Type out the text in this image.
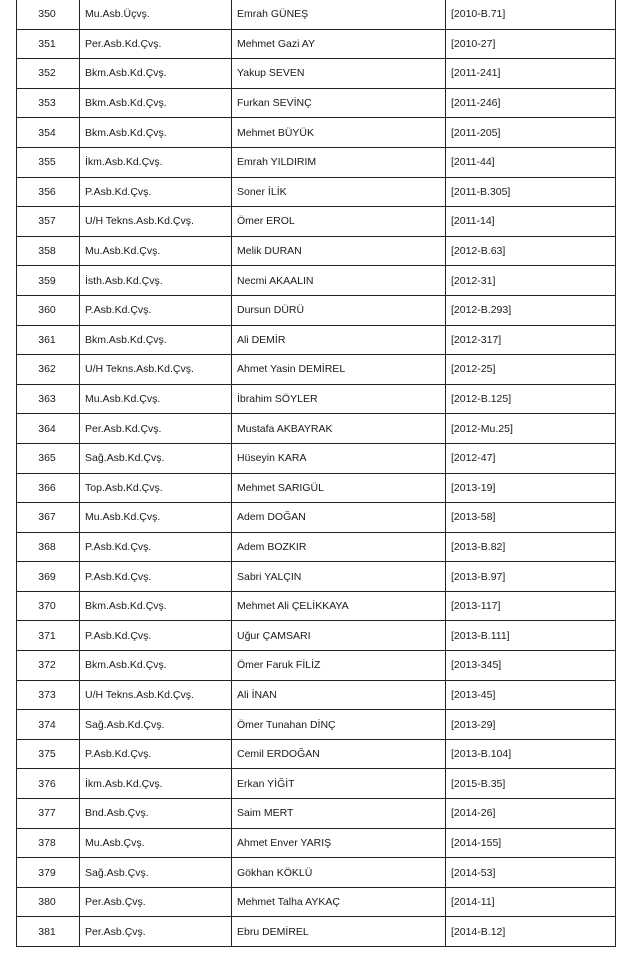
350	Mu.Asb.Üçvş.	Emrah GÜNEŞ	[2010-B.71]
351	Per.Asb.Kd.Çvş.	Mehmet Gazi AY	[2010-27]
352	Bkm.Asb.Kd.Çvş.	Yakup SEVEN	[2011-241]
353	Bkm.Asb.Kd.Çvş.	Furkan SEVİNÇ	[2011-246]
354	Bkm.Asb.Kd.Çvş.	Mehmet BÜYÜK	[2011-205]
355	İkm.Asb.Kd.Çvş.	Emrah YILDIRIM	[2011-44]
356	P.Asb.Kd.Çvş.	Soner İLİK	[2011-B.305]
357	U/H Tekns.Asb.Kd.Çvş.	Ömer EROL	[2011-14]
358	Mu.Asb.Kd.Çvş.	Melik DURAN	[2012-B.63]
359	İsth.Asb.Kd.Çvş.	Necmi AKAALIN	[2012-31]
360	P.Asb.Kd.Çvş.	Dursun DÜRÜ	[2012-B.293]
361	Bkm.Asb.Kd.Çvş.	Ali DEMİR	[2012-317]
362	U/H Tekns.Asb.Kd.Çvş.	Ahmet Yasin DEMİREL	[2012-25]
363	Mu.Asb.Kd.Çvş.	İbrahim SÖYLER	[2012-B.125]
364	Per.Asb.Kd.Çvş.	Mustafa AKBAYRAK	[2012-Mu.25]
365	Sağ.Asb.Kd.Çvş.	Hüseyin KARA	[2012-47]
366	Top.Asb.Kd.Çvş.	Mehmet SARIGÜL	[2013-19]
367	Mu.Asb.Kd.Çvş.	Adem DOĞAN	[2013-58]
368	P.Asb.Kd.Çvş.	Adem BOZKIR	[2013-B.82]
369	P.Asb.Kd.Çvş.	Sabri YALÇIN	[2013-B.97]
370	Bkm.Asb.Kd.Çvş.	Mehmet Ali ÇELİKKAYA	[2013-117]
371	P.Asb.Kd.Çvş.	Uğur ÇAMSARI	[2013-B.111]
372	Bkm.Asb.Kd.Çvş.	Ömer Faruk FİLİZ	[2013-345]
373	U/H Tekns.Asb.Kd.Çvş.	Ali İNAN	[2013-45]
374	Sağ.Asb.Kd.Çvş.	Ömer Tunahan DİNÇ	[2013-29]
375	P.Asb.Kd.Çvş.	Cemil ERDOĞAN	[2013-B.104]
376	İkm.Asb.Kd.Çvş.	Erkan YİĞİT	[2015-B.35]
377	Bnd.Asb.Çvş.	Saim MERT	[2014-26]
378	Mu.Asb.Çvş.	Ahmet Enver YARIŞ	[2014-155]
379	Sağ.Asb.Çvş.	Gökhan KÖKLÜ	[2014-53]
380	Per.Asb.Çvş.	Mehmet Talha AYKAÇ	[2014-11]
381	Per.Asb.Çvş.	Ebru DEMİREL	[2014-B.12]
